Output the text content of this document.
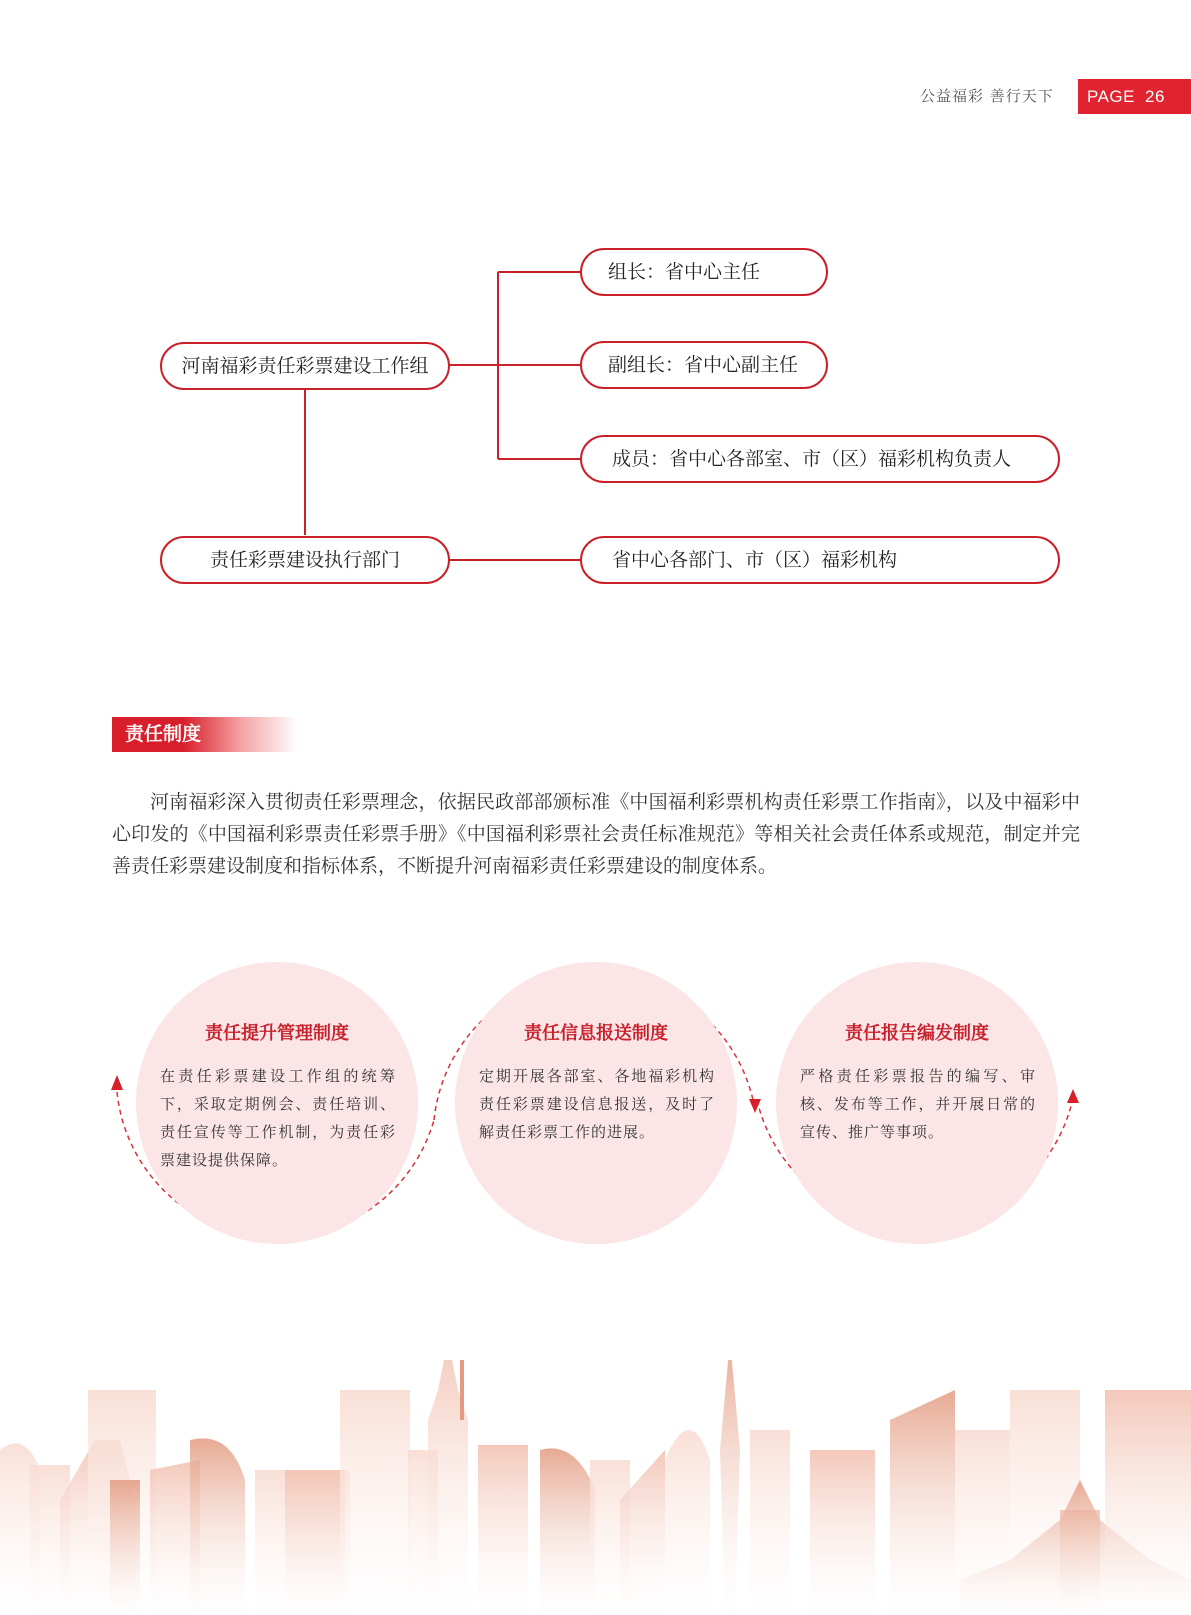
公益福彩 善行天下	PAGE 26
河南福彩责任彩票建设工作组
组长：省中心主任
副组长：省中心副主任
成员：省中心各部室、市（区）福彩机构负责人
责任彩票建设执行部门	省中心各部门、市（区）福彩机构
责任制度
河南福彩深入贯彻责任彩票理念，依据民政部部颁标准《中国福利彩票机构责任彩票工作指南》，以及中福彩中心印发的《中国福利彩票责任彩票手册》《中国福利彩票社会责任标准规范》等相关社会责任体系或规范，制定并完善责任彩票建设制度和指标体系，不断提升河南福彩责任彩票建设的制度体系。
责任提升管理制度
在责任彩票建设工作组的统筹下，采取定期例会、责任培训、责任宣传等工作机制，为责任彩票建设提供保障。
责任信息报送制度
定期开展各部室、各地福彩机构责任彩票建设信息报送，及时了解责任彩票工作的进展。
责任报告编发制度
严格责任彩票报告的编写、审核、发布等工作，并开展日常的宣传、推广等事项。
